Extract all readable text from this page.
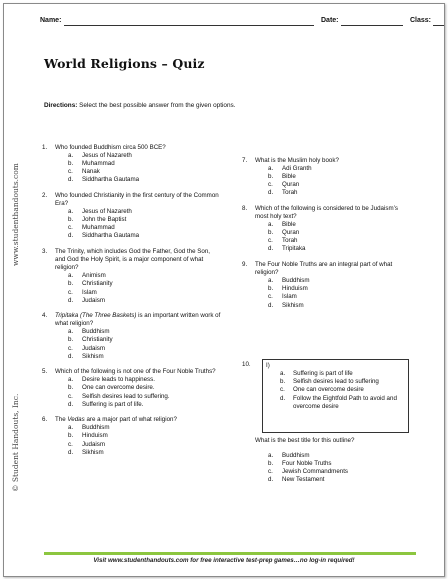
Name:	Date:	Class:
World Religions – Quiz
Directions: Select the best possible answer from the given options.
www.studenthandouts.com
© Student Handouts, Inc.
1. Who founded Buddhism circa 500 BCE?
a. Jesus of Nazareth
b. Muhammad
c. Nanak
d. Siddhartha Gautama
2. Who founded Christianity in the first century of the Common Era?
a. Jesus of Nazareth
b. John the Baptist
c. Muhammad
d. Siddhartha Gautama
3. The Trinity, which includes God the Father, God the Son, and God the Holy Spirit, is a major component of what religion?
a. Animism
b. Christianity
c. Islam
d. Judaism
4. Tripitaka (The Three Baskets) is an important written work of what religion?
a. Buddhism
b. Christianity
c. Judaism
d. Sikhism
5. Which of the following is not one of the Four Noble Truths?
a. Desire leads to happiness.
b. One can overcome desire.
c. Selfish desires lead to suffering.
d. Suffering is part of life.
6. The Vedas are a major part of what religion?
a. Buddhism
b. Hinduism
c. Judaism
d. Sikhism
7. What is the Muslim holy book?
a. Adi Granth
b. Bible
c. Quran
d. Torah
8. Which of the following is considered to be Judaism’s most holy text?
a. Bible
b. Quran
c. Torah
d. Tripitaka
9. The Four Noble Truths are an integral part of what religion?
a. Buddhism
b. Hinduism
c. Islam
d. Sikhism
10.	I)
a.	Suffering is part of life
b.	Selfish desires lead to suffering
c.	One can overcome desire
d.	Follow the Eightfold Path to avoid and overcome desire
What is the best title for this outline?
a. Buddhism
b. Four Noble Truths
c. Jewish Commandments
d. New Testament
Visit www.studenthandouts.com for free interactive test-prep games…no log-in required!
